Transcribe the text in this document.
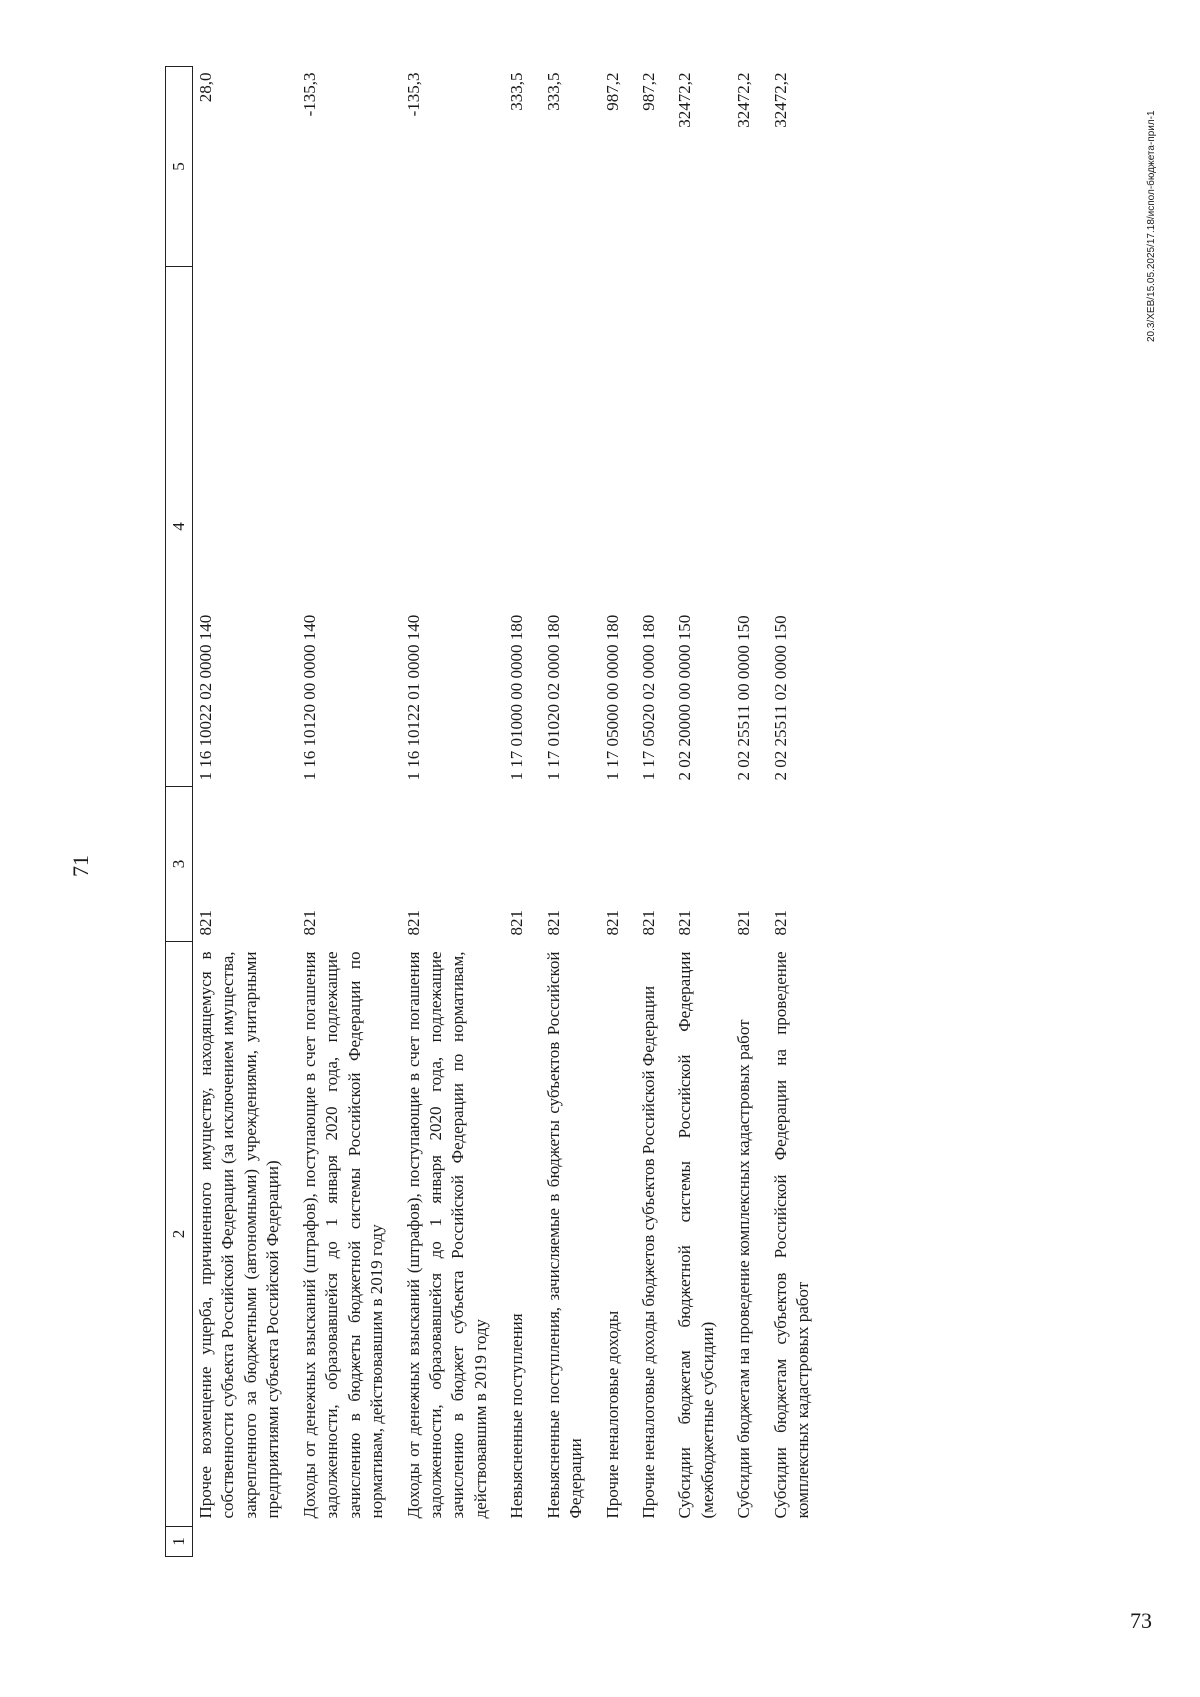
71
1	2	3	4	5
	Прочее возмещение ущерба, причиненного имуществу, находящемуся в собственности субъекта Российской Федерации (за исключением имущества, закрепленного за бюджетными (автономными) учреждениями, унитарными предприятиями субъекта Российской Федерации)	821	1 16 10022 02 0000 140	28,0
	Доходы от денежных взысканий (штрафов), поступающие в счет погашения задолженности, образовавшейся до 1 января 2020 года, подлежащие зачислению в бюджеты бюджетной системы Российской Федерации по нормативам, действовавшим в 2019 году	821	1 16 10120 00 0000 140	-135,3
	Доходы от денежных взысканий (штрафов), поступающие в счет погашения задолженности, образовавшейся до 1 января 2020 года, подлежащие зачислению в бюджет субъекта Российской Федерации по нормативам, действовавшим в 2019 году	821	1 16 10122 01 0000 140	-135,3
	Невыясненные поступления	821	1 17 01000 00 0000 180	333,5
	Невыясненные поступления, зачисляемые в бюджеты субъектов Российской Федерации	821	1 17 01020 02 0000 180	333,5
	Прочие неналоговые доходы	821	1 17 05000 00 0000 180	987,2
	Прочие неналоговые доходы бюджетов субъектов Российской Федерации	821	1 17 05020 02 0000 180	987,2
	Субсидии бюджетам бюджетной системы Российской Федерации (межбюджетные субсидии)	821	2 02 20000 00 0000 150	32472,2
	Субсидии бюджетам на проведение комплексных кадастровых работ	821	2 02 25511 00 0000 150	32472,2
	Субсидии бюджетам субъектов Российской Федерации на проведение комплексных кадастровых работ	821	2 02 25511 02 0000 150	32472,2
20.3/ХЕВ/15.05.2025/17.18/испол-бюджета-прил-1
73
